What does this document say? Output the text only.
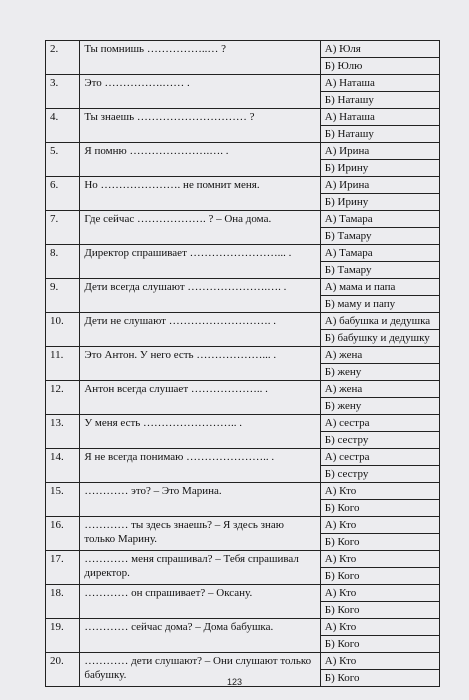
2.	Ты помнишь ……………..… ?	А) Юля
		Б) Юлю
3.	Это …………….…… .	А) Наташа
		Б) Наташу
4.	Ты знаешь ………………………… ?	А) Наташа
		Б) Наташу
5.	Я помню ………………….…. .	А) Ирина
		Б) Ирину
6.	Но …………………. не помнит меня.	А) Ирина
		Б) Ирину
7.	Где сейчас ………………. ? – Она дома.	А) Тамара
		Б) Тамару
8.	Директор спрашивает ……………………... .	А) Тамара
		Б) Тамару
9.	Дети всегда слушают ………………….…. .	А) мама и папа
		Б) маму и папу
10.	Дети не слушают ………………………. .	А) бабушка и дедушка
		Б) бабушку и дедушку
11.	Это Антон. У него есть ………………... .	А) жена
		Б) жену
12.	Антон всегда слушает ……………….. .	А) жена
		Б) жену
13.	У меня есть …………………….. .	А) сестра
		Б) сестру
14.	Я не всегда понимаю ………………….. .	А) сестра
		Б) сестру
15.	………… это? – Это Марина.	А) Кто
		Б) Кого
16.	………… ты здесь знаешь? – Я здесь знаю только Марину.	А) Кто
		Б) Кого
17.	………… меня спрашивал? – Тебя спрашивал директор.	А) Кто
		Б) Кого
18.	………… он спрашивает? – Оксану.	А) Кто
		Б) Кого
19.	………… сейчас дома? – Дома бабушка.	А) Кто
		Б) Кого
20.	………… дети слушают? – Они слушают только бабушку.	А) Кто
		Б) Кого
123
